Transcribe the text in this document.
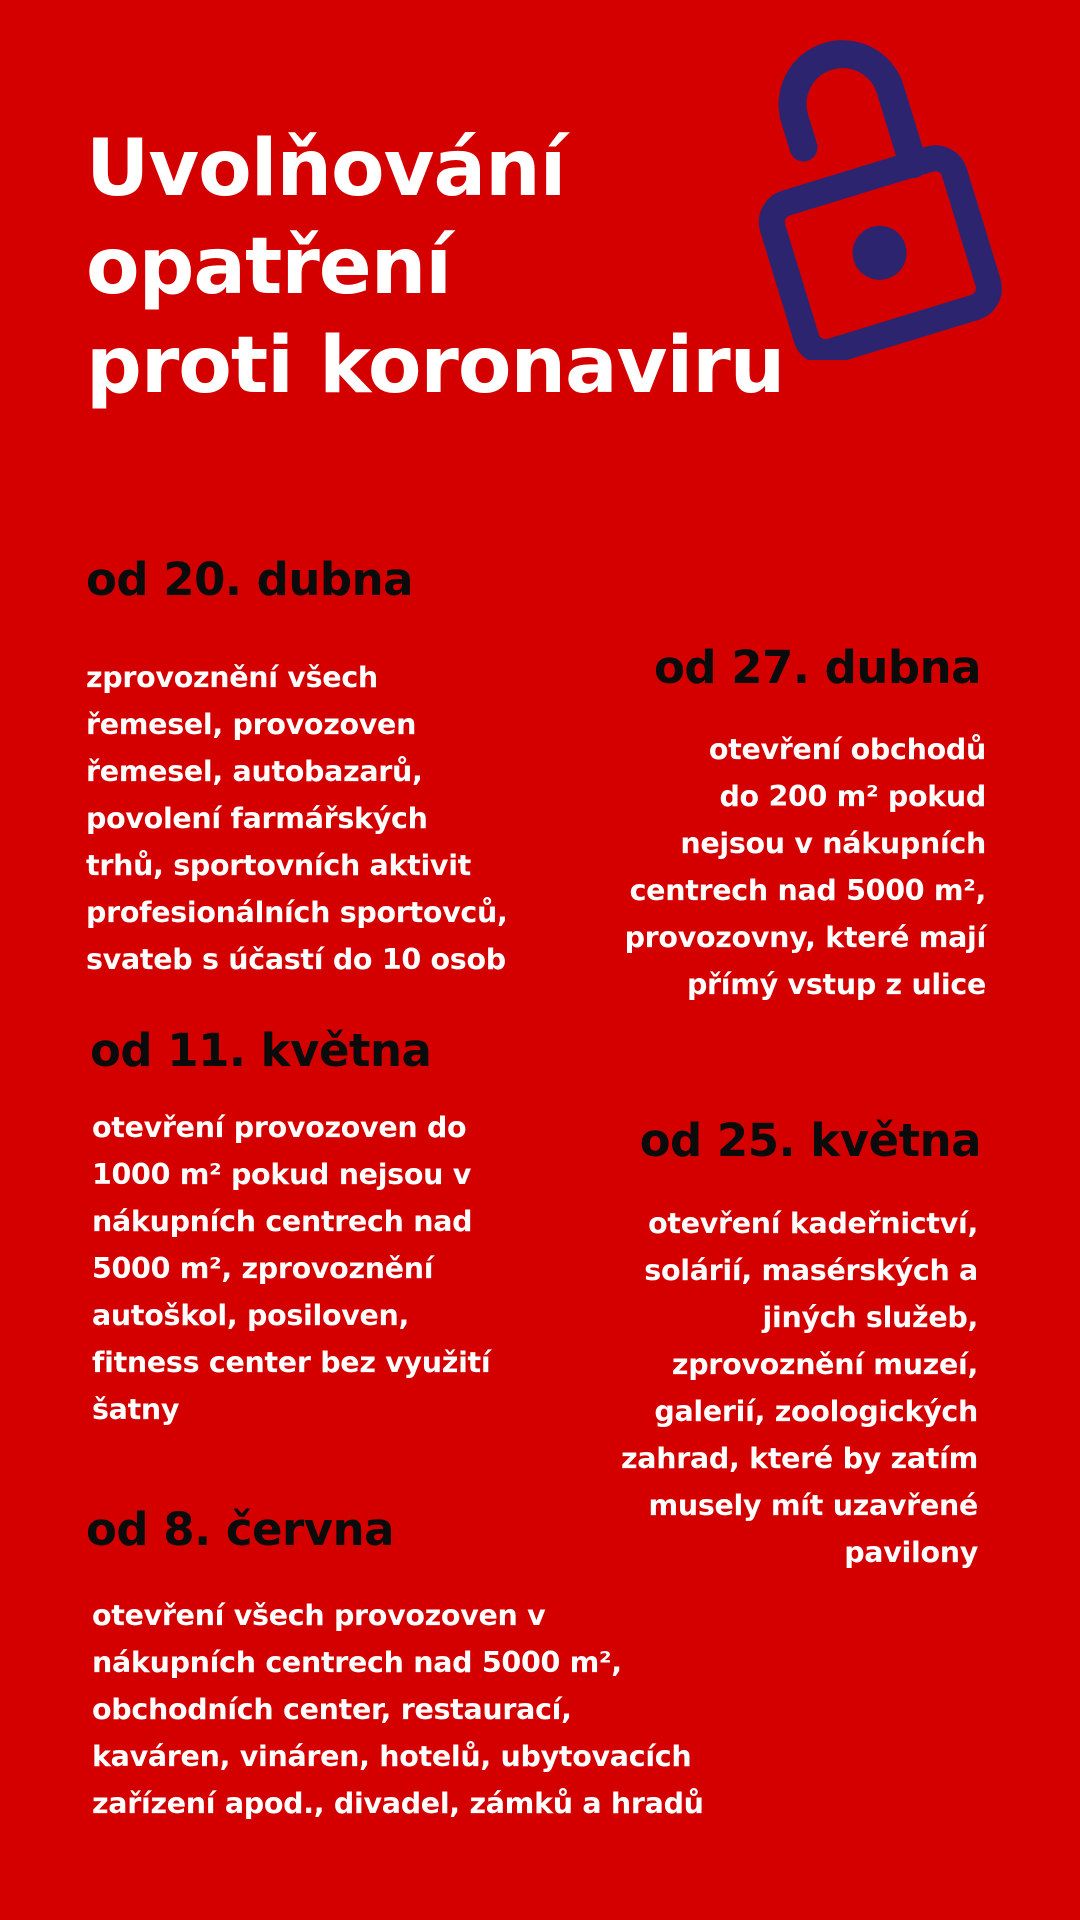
Uvolňování
opatření
proti koronaviru
od 20. dubna

zprovoznění všech
řemesel, provozoven
řemesel, autobazarů,
povolení farmářských
trhů, sportovních aktivit
profesionálních sportovců,
svateb s účastí do 10 osob

od 27. dubna

otevření obchodů
do 200 m² pokud
nejsou v nákupních
centrech nad 5000 m²,
provozovny, které mají
přímý vstup z ulice

od 11. května

otevření provozoven do
1000 m² pokud nejsou v
nákupních centrech nad
5000 m², zprovoznění
autoškol, posiloven,
fitness center bez využití
šatny

od 25. května

otevření kadeřnictví,
solárií, masérských a
jiných služeb,
zprovoznění muzeí,
galerií, zoologických
zahrad, které by zatím
musely mít uzavřené
pavilony

od 8. června

otevření všech provozoven v
nákupních centrech nad 5000 m²,
obchodních center, restaurací,
kaváren, vináren, hotelů, ubytovacích
zařízení apod., divadel, zámků a hradů
